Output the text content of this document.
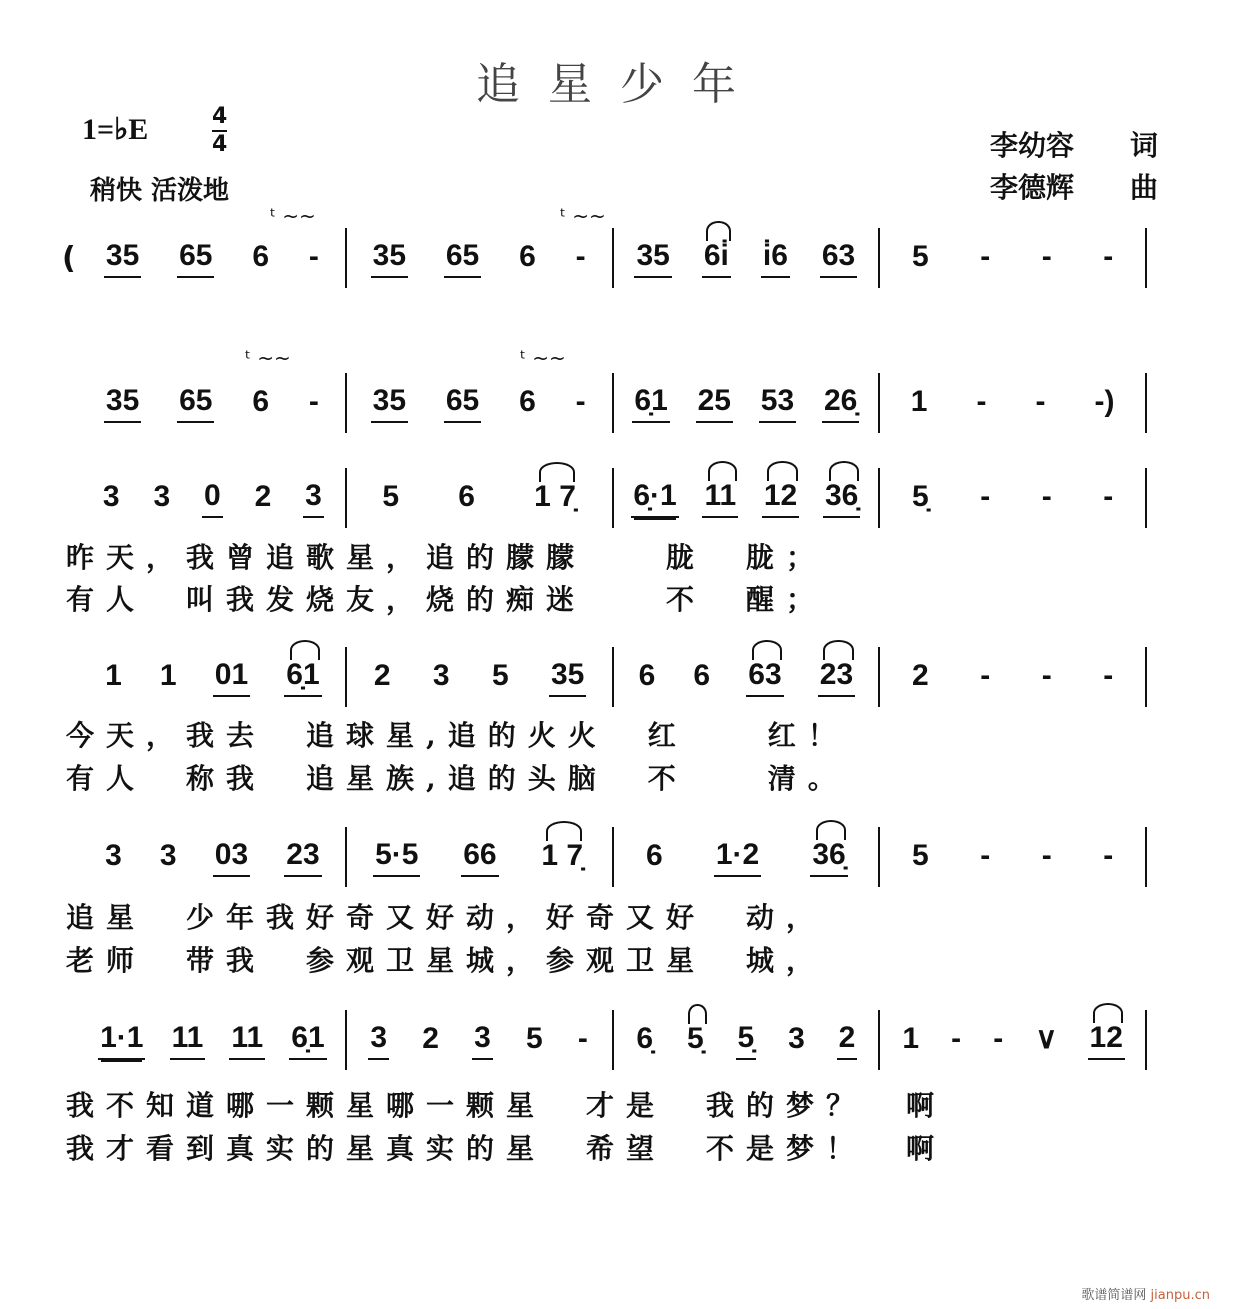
追星少年
1=♭E	4
4
稍快 活泼地
李幼容 词
李德辉 曲
ᵗ ~~	ᵗ ~~
ᵗ ~~	ᵗ ~~
( 35 65 6 - 35 65 6 - 35 6i̇ i̇6 63 5 - - -
35 65 6 - 35 65 6 - 6̣1 25 53 26̣ 1 - - -)
3 3 0 2 3 5 6 1 7̣ 6̣·1 11 12 36̣ 5̣ - - -
1 1 01 6̣1 2 3 5 35 6 6 63 23 2 - - -
3 3 03 23 5·5 66 1 7̣ 6 1·2 36̣ 5 - - -
1·1 11 11 6̣1 3 2 3 5 - 6̣ 5̣ 5̣ 3 2 1 - - ∨ 12
昨天，我曾追歌星，追的朦朦　　胧　胧；
有人　叫我发烧友，烧的痴迷　　不　醒；
今天，我去　追球星,追的火火　红　　红！
有人　称我　追星族,追的头脑　不　　清。
追星　少年我好奇又好动，好奇又好　动，
老师　带我　参观卫星城，参观卫星　城，
我不知道哪一颗星哪一颗星　才是　我的梦？　啊
我才看到真实的星真实的星　希望　不是梦！　啊
歌谱简谱网 jianpu.cn
